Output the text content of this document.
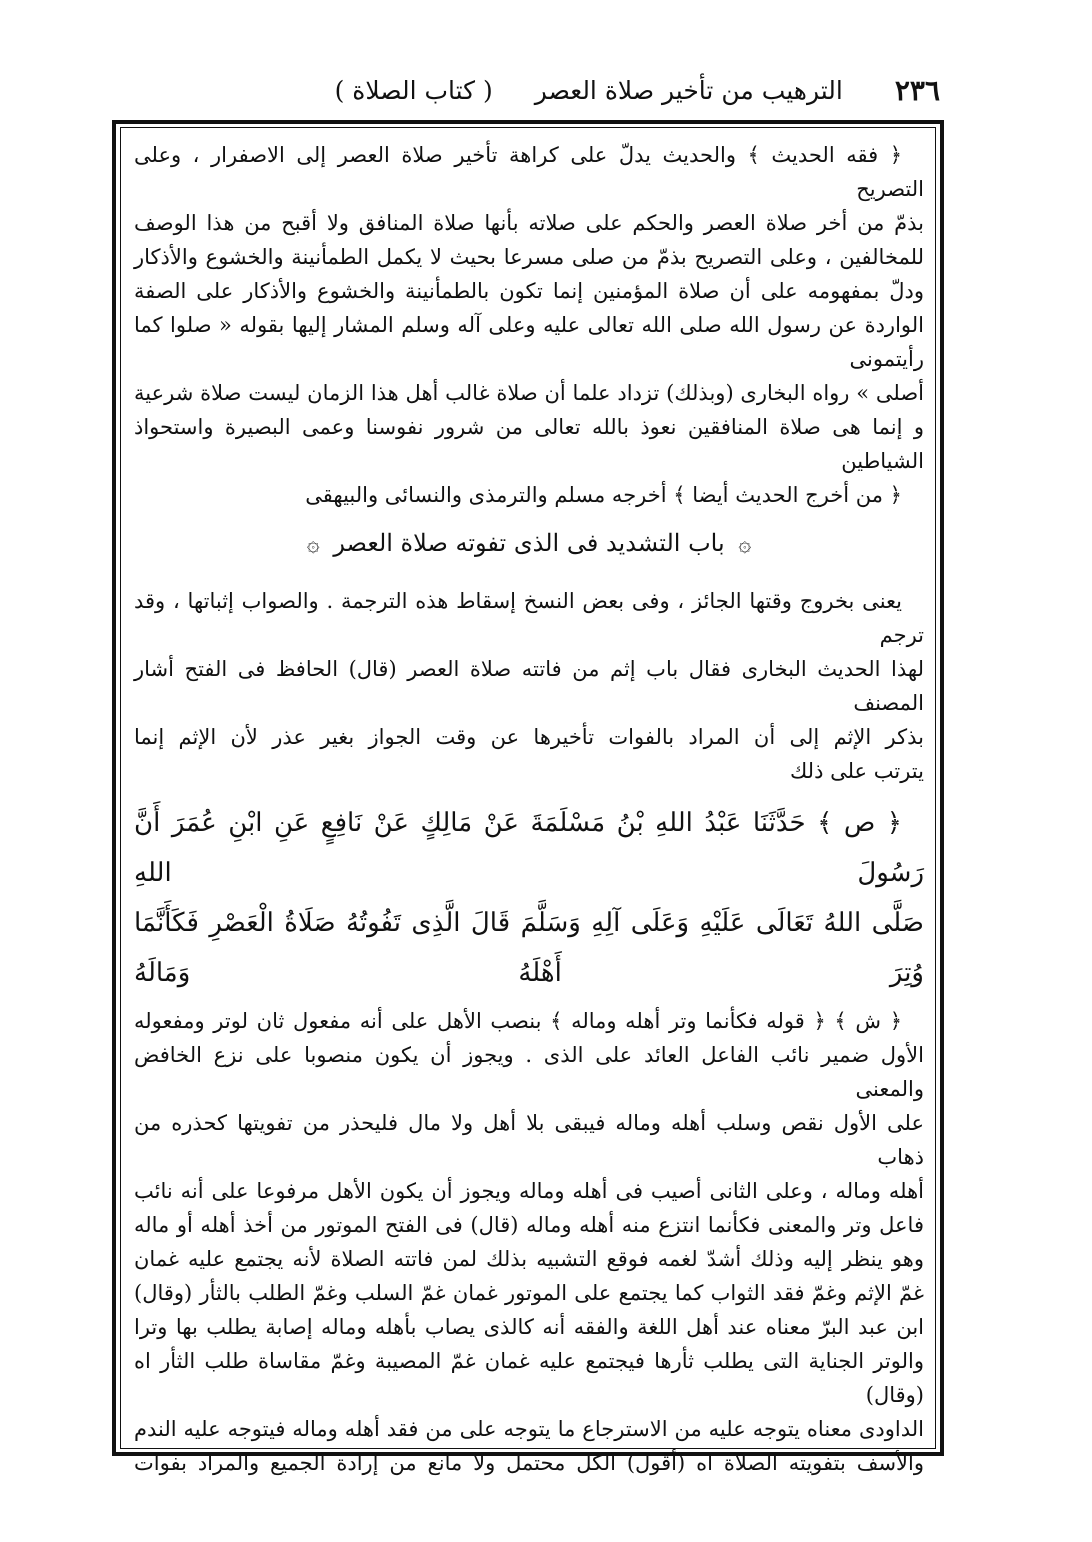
٢٣٦
الترهيب من تأخير صلاة العصر
( كتاب الصلاة )

﴿ فقه الحديث ﴾ والحديث يدلّ على كراهة تأخير صلاة العصر إلى الاصفرار ، وعلى التصريح

بذمّ من أخر صلاة العصر والحكم على صلاته بأنها صلاة المنافق ولا أقبح من هذا الوصف

للمخالفين ، وعلى التصريح بذمّ من صلى مسرعا بحيث لا يكمل الطمأنينة والخشوع والأذكار

ودلّ بمفهومه على أن صلاة المؤمنين إنما تكون بالطمأنينة والخشوع والأذكار على الصفة

الواردة عن رسول الله صلى الله تعالى عليه وعلى آله وسلم المشار إليها بقوله « صلوا كما رأيتمونى

أصلى » رواه البخارى (وبذلك) تزداد علما أن صلاة غالب أهل هذا الزمان ليست صلاة شرعية

و إنما هى صلاة المنافقين نعوذ بالله تعالى من شرور نفوسنا وعمى البصيرة واستحواذ الشياطين

﴿ من أخرج الحديث أيضا ﴾ أخرجه مسلم والترمذى والنسائى والبيهقى

۞ باب التشديد فى الذى تفوته صلاة العصر ۞

يعنى بخروج وقتها الجائز ، وفى بعض النسخ إسقاط هذه الترجمة . والصواب إثباتها ، وقد ترجم

لهذا الحديث البخارى فقال باب إثم من فاتته صلاة العصر (قال) الحافظ فى الفتح أشار المصنف

بذكر الإثم إلى أن المراد بالفوات تأخيرها عن وقت الجواز بغير عذر لأن الإثم إنما

يترتب على ذلك

﴿ ص ﴾ حَدَّثَنَا عَبْدُ اللهِ بْنُ مَسْلَمَةَ عَنْ مَالِكٍ عَنْ نَافِعٍ عَنِ ابْنِ عُمَرَ أَنَّ رَسُولَ اللهِ

صَلَّى اللهُ تَعَالَى عَلَيْهِ وَعَلَى آلِهِ وَسَلَّمَ قَالَ الَّذِى تَفُوتُهُ صَلَاةُ الْعَصْرِ فَكَأَنَّمَا وُتِرَ أَهْلَهُ وَمَالَهُ

﴿ ش ﴾ ﴿ قوله فكأنما وتر أهله وماله ﴾ بنصب الأهل على أنه مفعول ثان لوتر ومفعوله

الأول ضمير نائب الفاعل العائد على الذى . ويجوز أن يكون منصوبا على نزع الخافض والمعنى

على الأول نقص وسلب أهله وماله فيبقى بلا أهل ولا مال فليحذر من تفويتها كحذره من ذهاب

أهله وماله ، وعلى الثانى أصيب فى أهله وماله ويجوز أن يكون الأهل مرفوعا على أنه نائب

فاعل وتر والمعنى فكأنما انتزع منه أهله وماله (قال) فى الفتح الموتور من أخذ أهله أو ماله

وهو ينظر إليه وذلك أشدّ لغمه فوقع التشبيه بذلك لمن فاتته الصلاة لأنه يجتمع عليه غمان

غمّ الإثم وغمّ فقد الثواب كما يجتمع على الموتور غمان غمّ السلب وغمّ الطلب بالثأر (وقال)

ابن عبد البرّ معناه عند أهل اللغة والفقه أنه كالذى يصاب بأهله وماله إصابة يطلب بها وترا

والوتر الجناية التى يطلب ثأرها فيجتمع عليه غمان غمّ المصيبة وغمّ مقاساة طلب الثأر اه (وقال)

الداودى معناه يتوجه عليه من الاسترجاع ما يتوجه على من فقد أهله وماله فيتوجه عليه الندم

والأسف بتفويته الصلاة اه (أقول) الكل محتمل ولا مانع من إرادة الجميع والمراد بفوات
